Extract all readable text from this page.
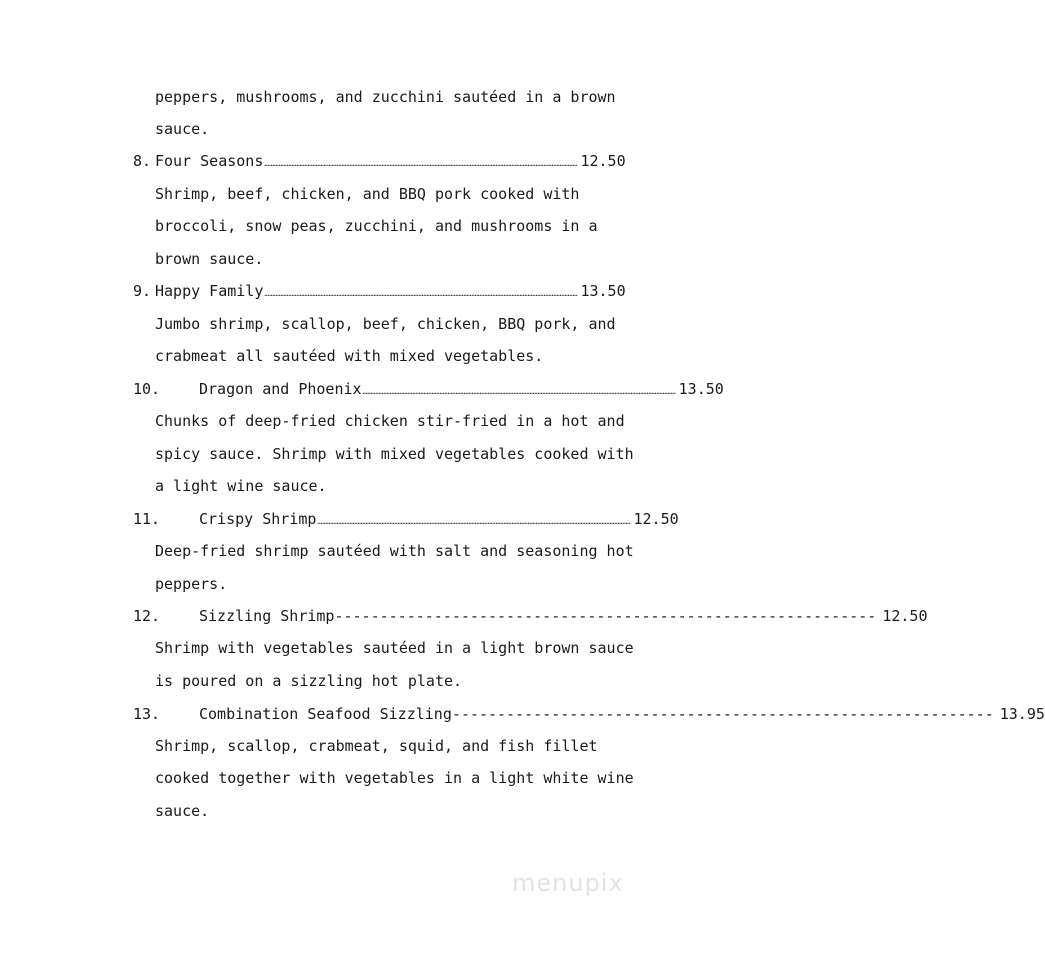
peppers, mushrooms, and zucchini sautéed in a brown
sauce.
8. Four Seasons …………………………………………………………………………………………………………………………………………………………………………… 12.50
Shrimp, beef, chicken, and BBQ pork cooked with
broccoli, snow peas, zucchini, and mushrooms in a
brown sauce.
9. Happy Family …………………………………………………………………………………………………………………………………………………………………………… 13.50
Jumbo shrimp, scallop, beef, chicken, BBQ pork, and
crabmeat all sautéed with mixed vegetables.
10.	Dragon and Phoenix …………………………………………………………………………………………………………………………………………………………………………… 13.50
Chunks of deep-fried chicken stir-fried in a hot and
spicy sauce. Shrimp with mixed vegetables cooked with
a light wine sauce.
11.	Crispy Shrimp …………………………………………………………………………………………………………………………………………………………………………… 12.50
Deep-fried shrimp sautéed with salt and seasoning hot
peppers.
12.	Sizzling Shrimp ------------------------------------------------------------ 12.50
Shrimp with vegetables sautéed in a light brown sauce
is poured on a sizzling hot plate.
13.	Combination Seafood Sizzling ------------------------------------------------------------ 13.95
Shrimp, scallop, crabmeat, squid, and fish fillet
cooked together with vegetables in a light white wine
sauce.
menupix
